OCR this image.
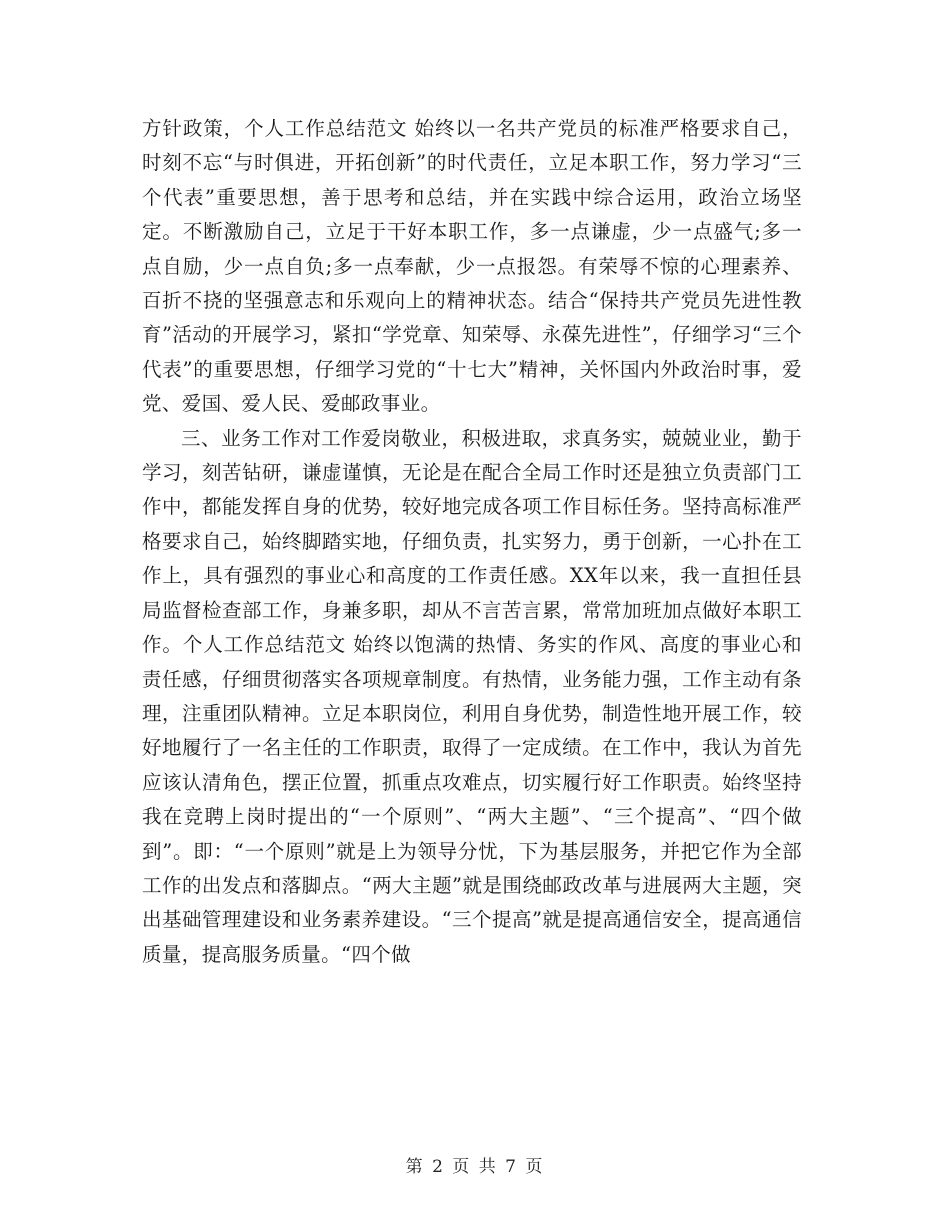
方针政策，个人工作总结范文 始终以一名共产党员的标准严格要求自己，时刻不忘“与时俱进，开拓创新”的时代责任，立足本职工作，努力学习“三个代表”重要思想，善于思考和总结，并在实践中综合运用，政治立场坚定。不断激励自己，立足于干好本职工作，多一点谦虚，少一点盛气;多一点自励，少一点自负;多一点奉献，少一点报怨。有荣辱不惊的心理素养、百折不挠的坚强意志和乐观向上的精神状态。结合“保持共产党员先进性教育”活动的开展学习，紧扣“学党章、知荣辱、永葆先进性”，仔细学习“三个代表”的重要思想，仔细学习党的“十七大”精神，关怀国内外政治时事，爱党、爱国、爱人民、爱邮政事业。

三、业务工作对工作爱岗敬业，积极进取，求真务实，兢兢业业，勤于学习，刻苦钻研，谦虚谨慎，无论是在配合全局工作时还是独立负责部门工作中，都能发挥自身的优势，较好地完成各项工作目标任务。坚持高标准严格要求自己，始终脚踏实地，仔细负责，扎实努力，勇于创新，一心扑在工作上，具有强烈的事业心和高度的工作责任感。XX年以来，我一直担任县局监督检查部工作，身兼多职，却从不言苦言累，常常加班加点做好本职工作。个人工作总结范文 始终以饱满的热情、务实的作风、高度的事业心和责任感，仔细贯彻落实各项规章制度。有热情，业务能力强，工作主动有条理，注重团队精神。立足本职岗位，利用自身优势，制造性地开展工作，较好地履行了一名主任的工作职责，取得了一定成绩。在工作中，我认为首先应该认清角色，摆正位置，抓重点攻难点，切实履行好工作职责。始终坚持我在竞聘上岗时提出的“一个原则”、“两大主题”、“三个提高”、“四个做到”。即：“一个原则”就是上为领导分忧，下为基层服务，并把它作为全部工作的出发点和落脚点。“两大主题”就是围绕邮政改革与进展两大主题，突出基础管理建设和业务素养建设。“三个提高”就是提高通信安全，提高通信质量，提高服务质量。“四个做

第 2 页 共 7 页
